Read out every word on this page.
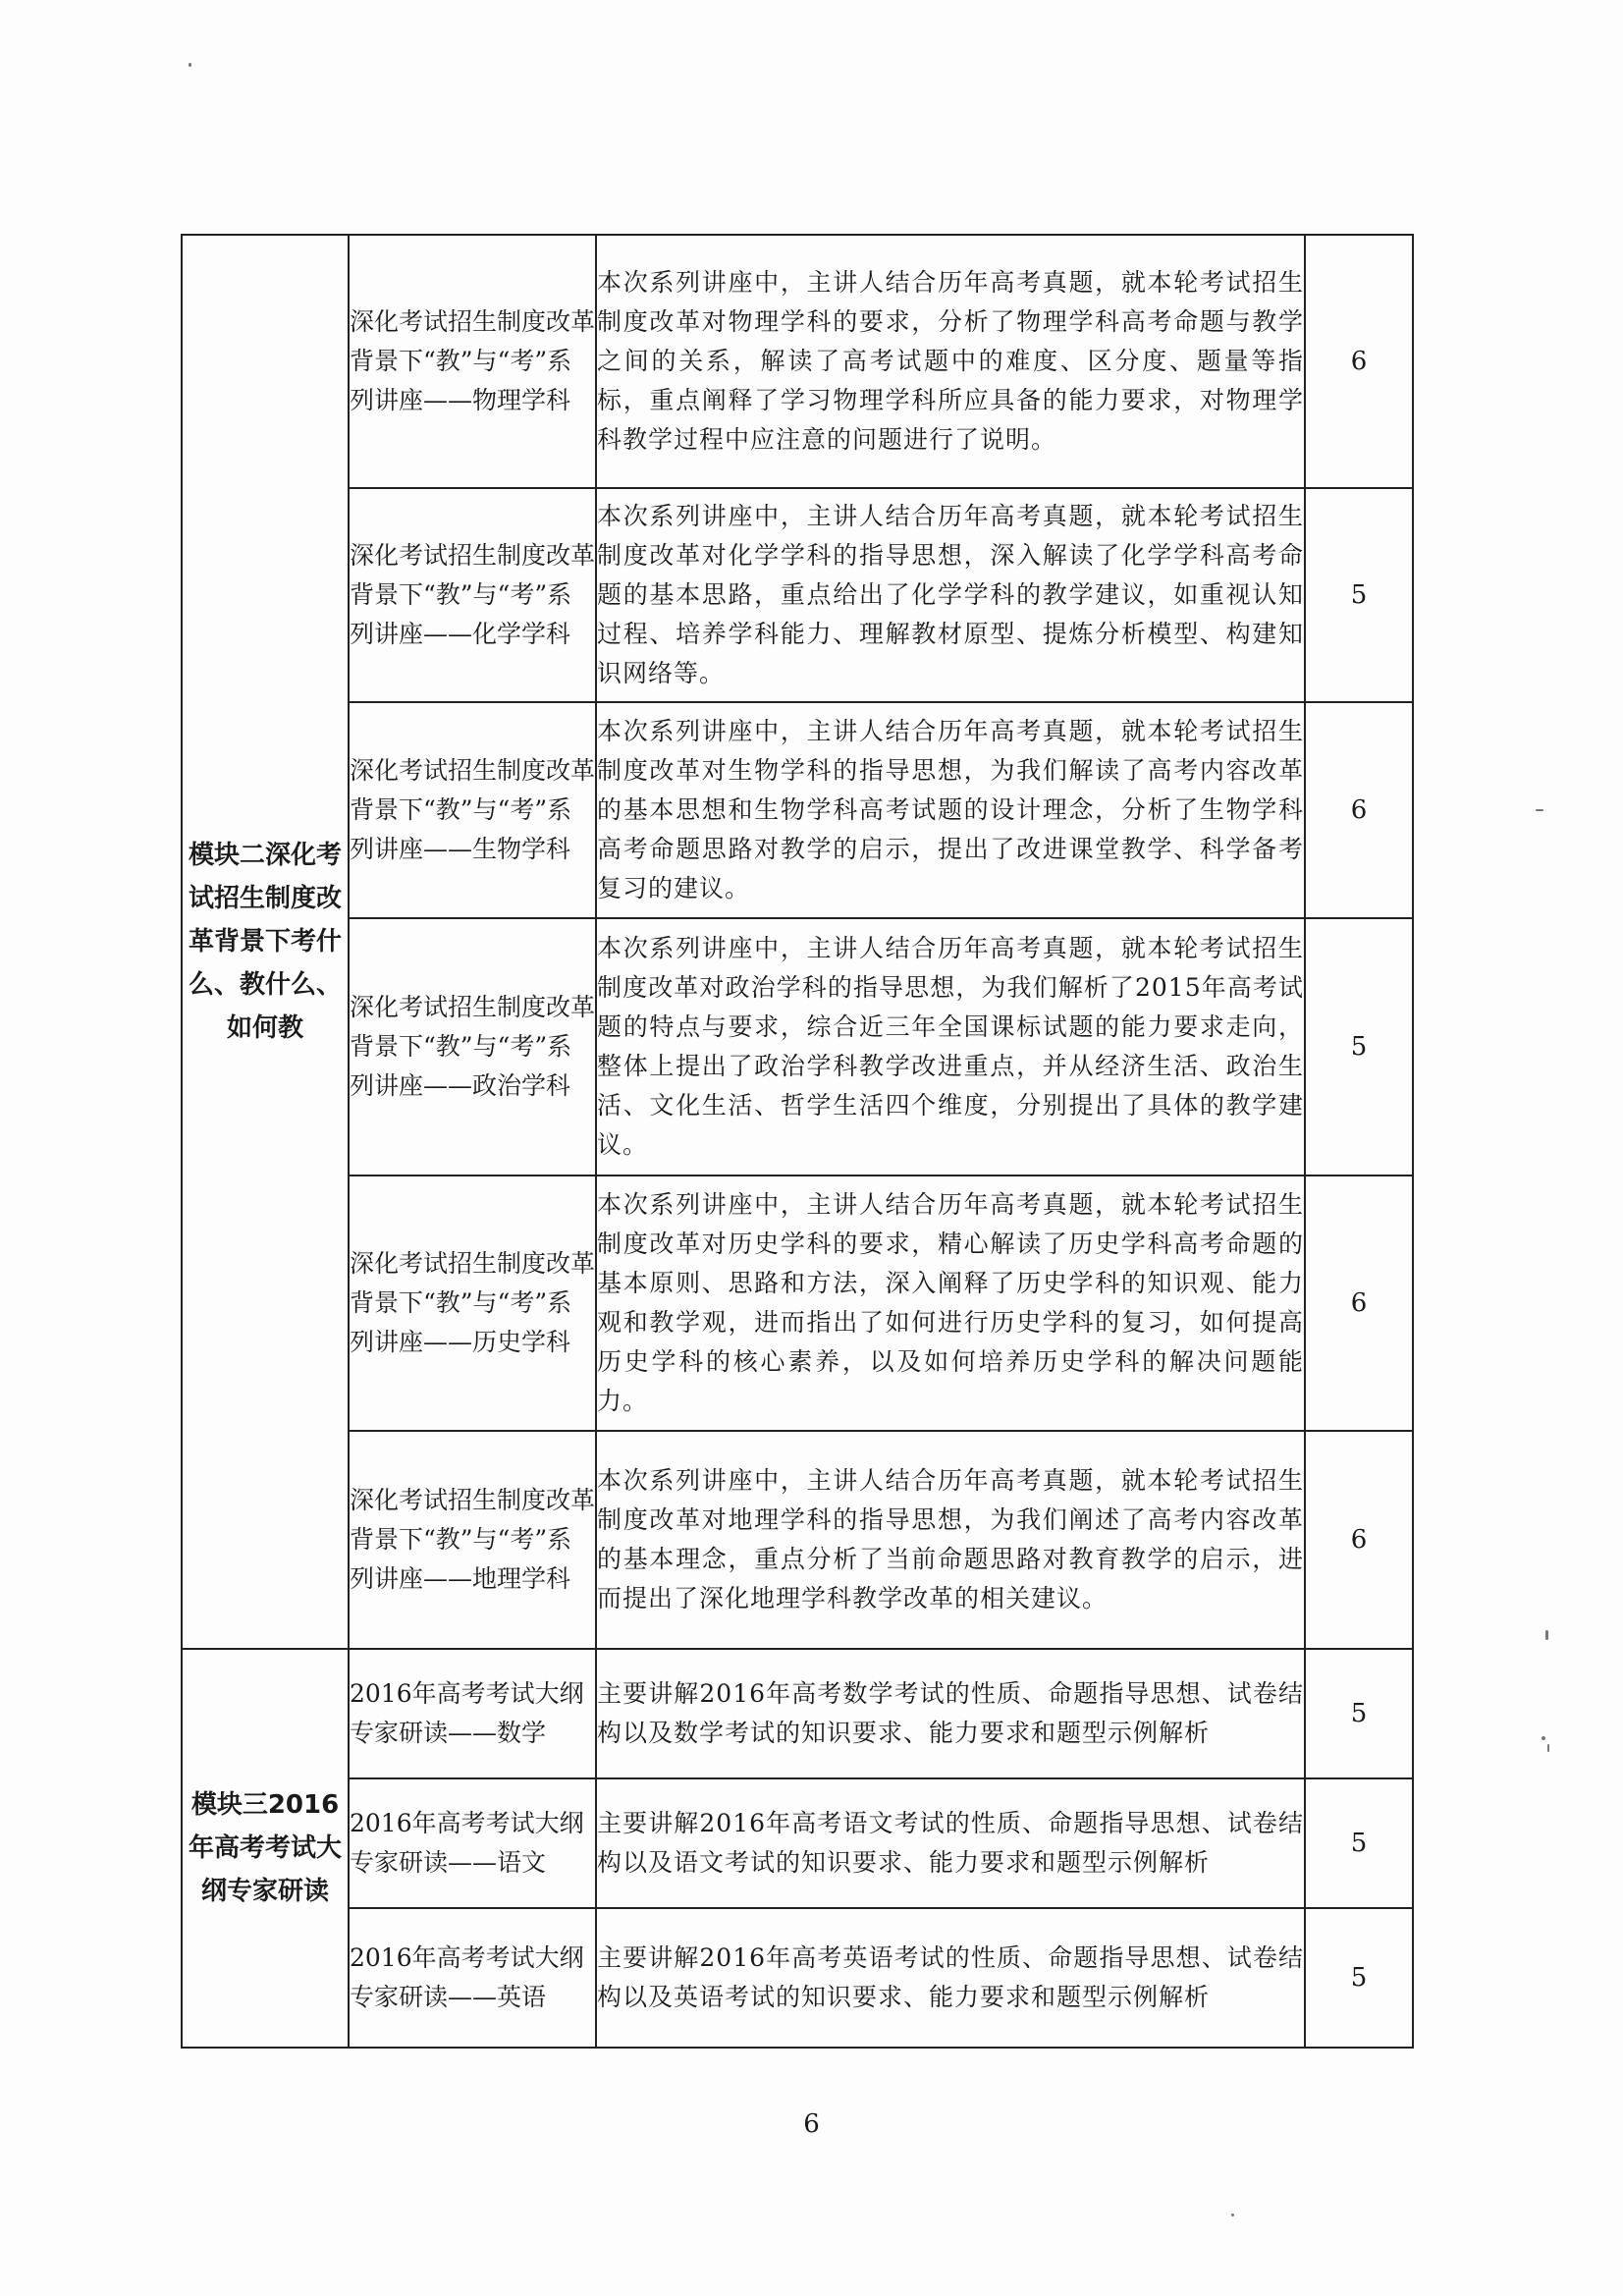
模块二深化考试招生制度改革背景下考什么、教什么、如何教	深化考试招生制度改革背景下“教”与“考”系列讲座——物理学科	本次系列讲座中，主讲人结合历年高考真题，就本轮考试招生制度改革对物理学科的要求，分析了物理学科高考命题与教学之间的关系，解读了高考试题中的难度、区分度、题量等指标，重点阐释了学习物理学科所应具备的能力要求，对物理学科教学过程中应注意的问题进行了说明。	6
	深化考试招生制度改革背景下“教”与“考”系列讲座——化学学科	本次系列讲座中，主讲人结合历年高考真题，就本轮考试招生制度改革对化学学科的指导思想，深入解读了化学学科高考命题的基本思路，重点给出了化学学科的教学建议，如重视认知过程、培养学科能力、理解教材原型、提炼分析模型、构建知识网络等。	5
	深化考试招生制度改革背景下“教”与“考”系列讲座——生物学科	本次系列讲座中，主讲人结合历年高考真题，就本轮考试招生制度改革对生物学科的指导思想，为我们解读了高考内容改革的基本思想和生物学科高考试题的设计理念，分析了生物学科高考命题思路对教学的启示，提出了改进课堂教学、科学备考复习的建议。	6
	深化考试招生制度改革背景下“教”与“考”系列讲座——政治学科	本次系列讲座中，主讲人结合历年高考真题，就本轮考试招生制度改革对政治学科的指导思想，为我们解析了2015年高考试题的特点与要求，综合近三年全国课标试题的能力要求走向，整体上提出了政治学科教学改进重点，并从经济生活、政治生活、文化生活、哲学生活四个维度，分别提出了具体的教学建议。	5
	深化考试招生制度改革背景下“教”与“考”系列讲座——历史学科	本次系列讲座中，主讲人结合历年高考真题，就本轮考试招生制度改革对历史学科的要求，精心解读了历史学科高考命题的基本原则、思路和方法，深入阐释了历史学科的知识观、能力观和教学观，进而指出了如何进行历史学科的复习，如何提高历史学科的核心素养，以及如何培养历史学科的解决问题能力。	6
	深化考试招生制度改革背景下“教”与“考”系列讲座——地理学科	本次系列讲座中，主讲人结合历年高考真题，就本轮考试招生制度改革对地理学科的指导思想，为我们阐述了高考内容改革的基本理念，重点分析了当前命题思路对教育教学的启示，进而提出了深化地理学科教学改革的相关建议。	6
模块三2016年高考考试大纲专家研读	2016年高考考试大纲专家研读——数学	主要讲解2016年高考数学考试的性质、命题指导思想、试卷结构以及数学考试的知识要求、能力要求和题型示例解析	5
	2016年高考考试大纲专家研读——语文	主要讲解2016年高考语文考试的性质、命题指导思想、试卷结构以及语文考试的知识要求、能力要求和题型示例解析	5
	2016年高考考试大纲专家研读——英语	主要讲解2016年高考英语考试的性质、命题指导思想、试卷结构以及英语考试的知识要求、能力要求和题型示例解析	5
6
